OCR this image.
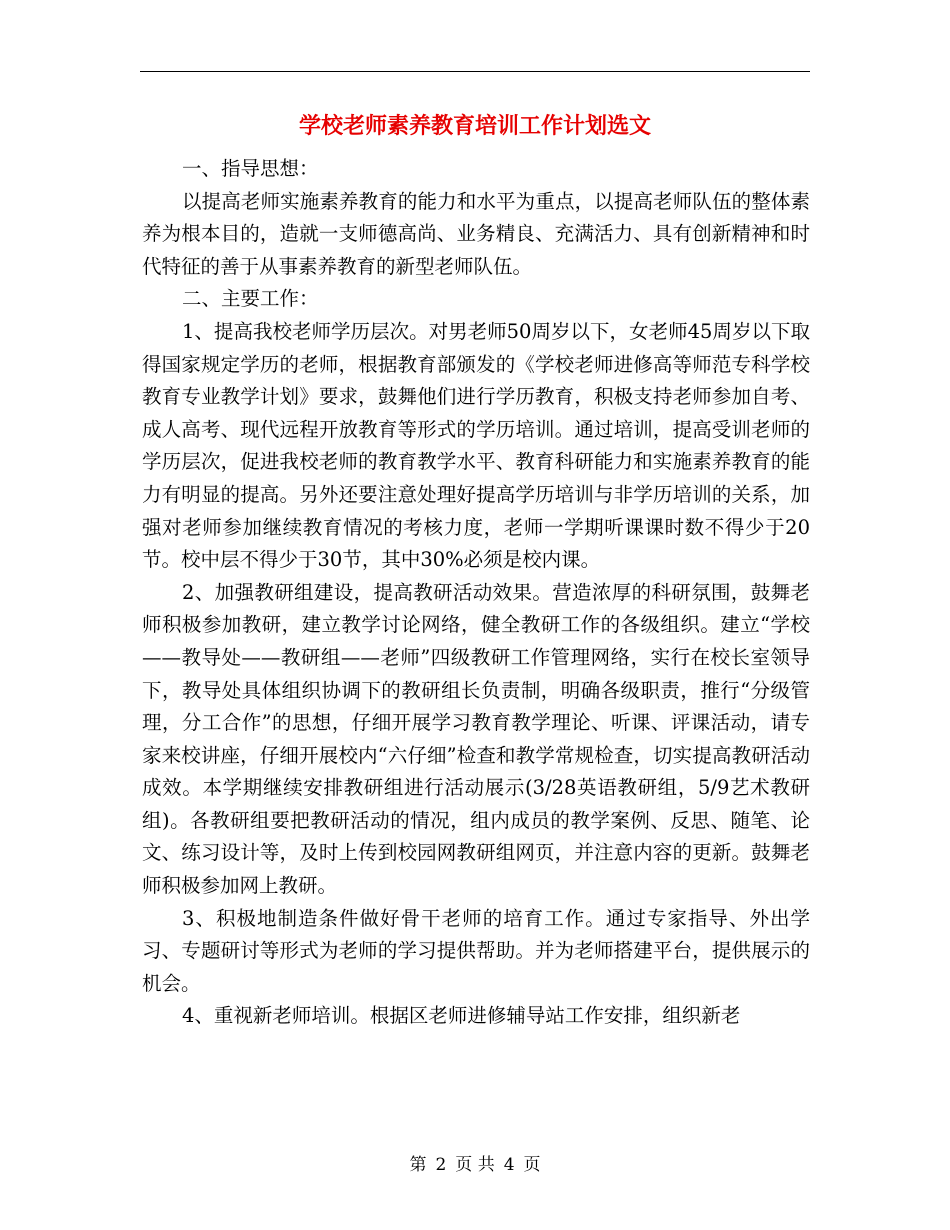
学校老师素养教育培训工作计划选文

一、指导思想：

以提高老师实施素养教育的能力和水平为重点，以提高老师队伍的整体素养为根本目的，造就一支师德高尚、业务精良、充满活力、具有创新精神和时代特征的善于从事素养教育的新型老师队伍。

二、主要工作：

1、提高我校老师学历层次。对男老师50周岁以下，女老师45周岁以下取得国家规定学历的老师，根据教育部颁发的《学校老师进修高等师范专科学校教育专业教学计划》要求，鼓舞他们进行学历教育，积极支持老师参加自考、成人高考、现代远程开放教育等形式的学历培训。通过培训，提高受训老师的学历层次，促进我校老师的教育教学水平、教育科研能力和实施素养教育的能力有明显的提高。另外还要注意处理好提高学历培训与非学历培训的关系，加强对老师参加继续教育情况的考核力度，老师一学期听课课时数不得少于20节。校中层不得少于30节，其中30%必须是校内课。

2、加强教研组建设，提高教研活动效果。营造浓厚的科研氛围，鼓舞老师积极参加教研，建立教学讨论网络，健全教研工作的各级组织。建立“学校——教导处——教研组——老师”四级教研工作管理网络，实行在校长室领导下，教导处具体组织协调下的教研组长负责制，明确各级职责，推行“分级管理，分工合作”的思想，仔细开展学习教育教学理论、听课、评课活动，请专家来校讲座，仔细开展校内“六仔细”检查和教学常规检查，切实提高教研活动成效。本学期继续安排教研组进行活动展示(3/28英语教研组，5/9艺术教研组)。各教研组要把教研活动的情况，组内成员的教学案例、反思、随笔、论文、练习设计等，及时上传到校园网教研组网页，并注意内容的更新。鼓舞老师积极参加网上教研。

3、积极地制造条件做好骨干老师的培育工作。通过专家指导、外出学习、专题研讨等形式为老师的学习提供帮助。并为老师搭建平台，提供展示的机会。

4、重视新老师培训。根据区老师进修辅导站工作安排，组织新老

第 2 页 共 4 页
